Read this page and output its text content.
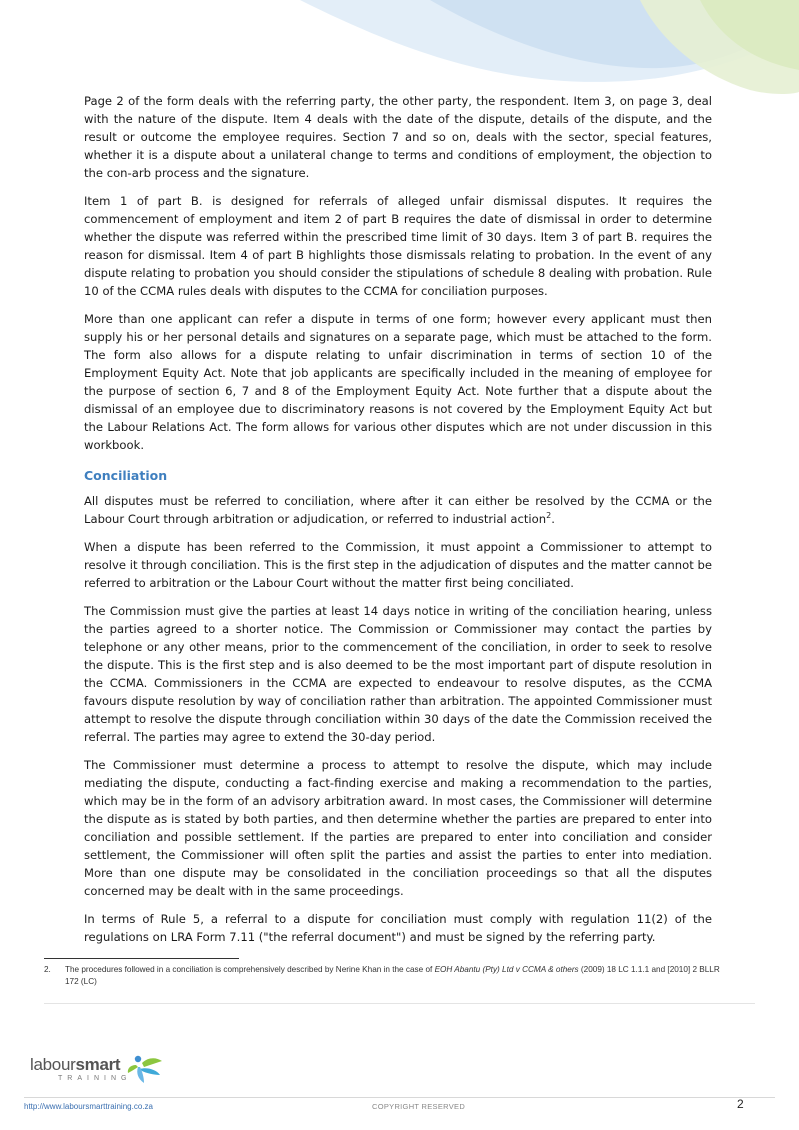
Page 2 of the form deals with the referring party, the other party, the respondent. Item 3, on page 3, deal with the nature of the dispute. Item 4 deals with the date of the dispute, details of the dispute, and the result or outcome the employee requires. Section 7 and so on, deals with the sector, special features, whether it is a dispute about a unilateral change to terms and conditions of employment, the objection to the con-arb process and the signature.

Item 1 of part B. is designed for referrals of alleged unfair dismissal disputes. It requires the commencement of employment and item 2 of part B requires the date of dismissal in order to determine whether the dispute was referred within the prescribed time limit of 30 days. Item 3 of part B. requires the reason for dismissal. Item 4 of part B highlights those dismissals relating to probation. In the event of any dispute relating to probation you should consider the stipulations of schedule 8 dealing with probation. Rule 10 of the CCMA rules deals with disputes to the CCMA for conciliation purposes.

More than one applicant can refer a dispute in terms of one form; however every applicant must then supply his or her personal details and signatures on a separate page, which must be attached to the form. The form also allows for a dispute relating to unfair discrimination in terms of section 10 of the Employment Equity Act. Note that job applicants are specifically included in the meaning of employee for the purpose of section 6, 7 and 8 of the Employment Equity Act. Note further that a dispute about the dismissal of an employee due to discriminatory reasons is not covered by the Employment Equity Act but the Labour Relations Act. The form allows for various other disputes which are not under discussion in this workbook.

Conciliation

All disputes must be referred to conciliation, where after it can either be resolved by the CCMA or the Labour Court through arbitration or adjudication, or referred to industrial action$^2$.

When a dispute has been referred to the Commission, it must appoint a Commissioner to attempt to resolve it through conciliation. This is the first step in the adjudication of disputes and the matter cannot be referred to arbitration or the Labour Court without the matter first being conciliated.

The Commission must give the parties at least 14 days notice in writing of the conciliation hearing, unless the parties agreed to a shorter notice. The Commission or Commissioner may contact the parties by telephone or any other means, prior to the commencement of the conciliation, in order to seek to resolve the dispute. This is the first step and is also deemed to be the most important part of dispute resolution in the CCMA. Commissioners in the CCMA are expected to endeavour to resolve disputes, as the CCMA favours dispute resolution by way of conciliation rather than arbitration. The appointed Commissioner must attempt to resolve the dispute through conciliation within 30 days of the date the Commission received the referral. The parties may agree to extend the 30-day period.

The Commissioner must determine a process to attempt to resolve the dispute, which may include mediating the dispute, conducting a fact-finding exercise and making a recommendation to the parties, which may be in the form of an advisory arbitration award. In most cases, the Commissioner will determine the dispute as is stated by both parties, and then determine whether the parties are prepared to enter into conciliation and possible settlement. If the parties are prepared to enter into conciliation and consider settlement, the Commissioner will often split the parties and assist the parties to enter into mediation. More than one dispute may be consolidated in the conciliation proceedings so that all the disputes concerned may be dealt with in the same proceedings.

In terms of Rule 5, a referral to a dispute for conciliation must comply with regulation 11(2) of the regulations on LRA Form 7.11 ("the referral document") and must be signed by the referring party.

2. The procedures followed in a conciliation is comprehensively described by Nerine Khan in the case of EOH Abantu (Pty) Ltd v CCMA & others (2009) 18 LC 1.1.1 and [2010] 2 BLLR 172 (LC)
laboursmart
TRAINING
http://www.laboursmarttraining.co.za	COPYRIGHT RESERVED	2
